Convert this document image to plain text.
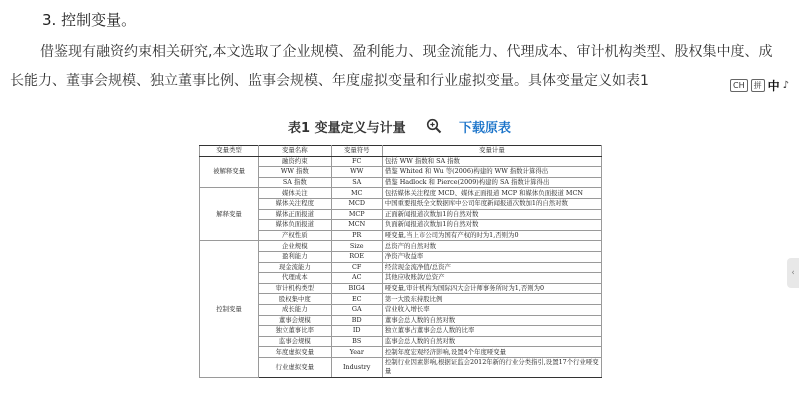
3. 控制变量。

借鉴现有融资约束相关研究,本文选取了企业规模、盈利能力、现金流能力、代理成本、审计机构类型、股权集中度、成长能力、董事会规模、独立董事比例、监事会规模、年度虚拟变量和行业虚拟变量。具体变量定义如表1	CH	拼 中 ♪
‹
表1 变量定义与计量	下载原表
变量类型	变量名称	变量符号	变量计量
被解释变量	融资约束	FC	包括 WW 指数和 SA 指数
	WW 指数	WW	借鉴 Whited 和 Wu 等(2006)构建的 WW 指数计算得出
	SA 指数	SA	借鉴 Hadlock 和 Pierce(2009)构建的 SA 指数计算得出
解释变量	媒体关注	MC	包括媒体关注程度 MCD、媒体正面报道 MCP 和媒体负面报道 MCN
	媒体关注程度	MCD	中国重要报纸全文数据库中公司年度新闻报道次数加1的自然对数
	媒体正面报道	MCP	正面新闻报道次数加1的自然对数
	媒体负面报道	MCN	负面新闻报道次数加1的自然对数
	产权性质	PR	哑变量,当上市公司为国有产权的时为1,否则为0
控制变量	企业规模	Size	总资产的自然对数
	盈利能力	ROE	净资产收益率
	现金流能力	CF	经营现金流净值/总资产
	代理成本	AC	其他应收账款/总资产
	审计机构类型	BIG4	哑变量,审计机构为国际四大会计师事务所时为1,否则为0
	股权集中度	EC	第一大股东持股比例
	成长能力	GA	营业收入增长率
	董事会规模	BD	董事会总人数的自然对数
	独立董事比率	ID	独立董事占董事会总人数的比率
	监事会规模	BS	监事会总人数的自然对数
	年度虚拟变量	Year	控制年度宏观经济影响,设置4个年度哑变量
	行业虚拟变量	Industry	控制行业因素影响,根据证监会2012年新的行业分类指引,设置17个行业哑变量
